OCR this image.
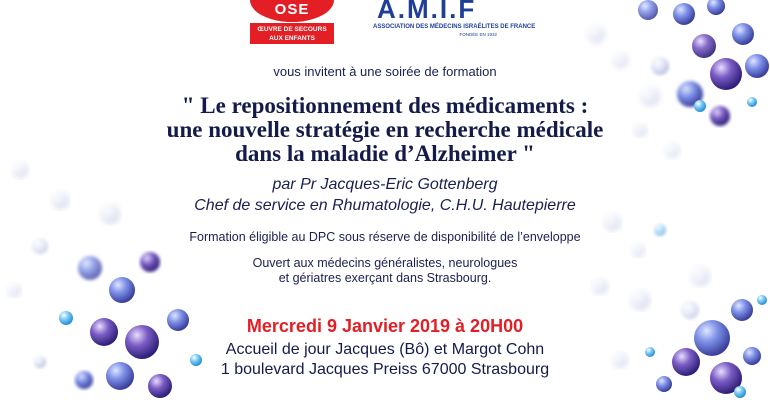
OSE
ŒUVRE DE SECOURS
AUX ENFANTS
A.M.I.F
ASSOCIATION DES MÉDECINS ISRAÉLITES DE FRANCE
FONDÉE EN 1932
vous invitent à une soirée de formation
" Le repositionnement des médicaments :
une nouvelle stratégie en recherche médicale
dans la maladie d’Alzheimer "
par Pr Jacques-Eric Gottenberg
Chef de service en Rhumatologie, C.H.U. Hautepierre
Formation éligible au DPC sous réserve de disponibilité de l’enveloppe
Ouvert aux médecins généralistes, neurologues
et gériatres exerçant dans Strasbourg.
Mercredi 9 Janvier 2019 à 20H00
Accueil de jour Jacques (Bô) et Margot Cohn
1 boulevard Jacques Preiss 67000 Strasbourg
